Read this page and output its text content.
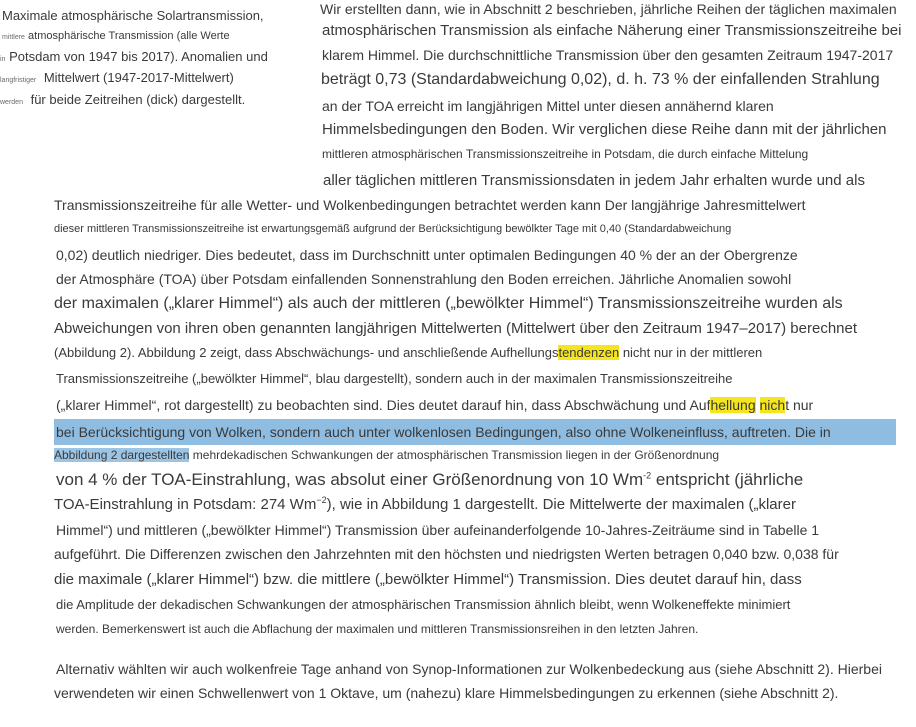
Maximale atmosphärische Solartransmission,
mittlere atmosphärische Transmission (alle Werte
in Potsdam von 1947 bis 2017). Anomalien und
langfristiger Mittelwert (1947-2017-Mittelwert)
werden für beide Zeitreihen (dick) dargestellt.
Wir erstellten dann, wie in Abschnitt 2 beschrieben, jährliche Reihen der täglichen maximalen
atmosphärischen Transmission als einfache Näherung einer Transmissionszeitreihe bei
klarem Himmel. Die durchschnittliche Transmission über den gesamten Zeitraum 1947-2017
beträgt 0,73 (Standardabweichung 0,02), d. h. 73 % der einfallenden Strahlung
an der TOA erreicht im langjährigen Mittel unter diesen annähernd klaren
Himmelsbedingungen den Boden. Wir verglichen diese Reihe dann mit der jährlichen
mittleren atmosphärischen Transmissionszeitreihe in Potsdam, die durch einfache Mittelung
aller täglichen mittleren Transmissionsdaten in jedem Jahr erhalten wurde und als
Transmissionszeitreihe für alle Wetter- und Wolkenbedingungen betrachtet werden kann Der langjährige Jahresmittelwert
dieser mittleren Transmissionszeitreihe ist erwartungsgemäß aufgrund der Berücksichtigung bewölkter Tage mit 0,40 (Standardabweichung
0,02) deutlich niedriger. Dies bedeutet, dass im Durchschnitt unter optimalen Bedingungen 40 % der an der Obergrenze
der Atmosphäre (TOA) über Potsdam einfallenden Sonnenstrahlung den Boden erreichen. Jährliche Anomalien sowohl
der maximalen („klarer Himmel“) als auch der mittleren („bewölkter Himmel“) Transmissionszeitreihe wurden als
Abweichungen von ihren oben genannten langjährigen Mittelwerten (Mittelwert über den Zeitraum 1947–2017) berechnet
(Abbildung 2). Abbildung 2 zeigt, dass Abschwächungs- und anschließende Aufhellungstendenzen nicht nur in der mittleren
Transmissionszeitreihe („bewölkter Himmel“, blau dargestellt), sondern auch in der maximalen Transmissionszeitreihe
(„klarer Himmel“, rot dargestellt) zu beobachten sind. Dies deutet darauf hin, dass Abschwächung und Aufhellung nicht nur
bei Berücksichtigung von Wolken, sondern auch unter wolkenlosen Bedingungen, also ohne Wolkeneinfluss, auftreten. Die in
Abbildung 2 dargestellten mehrdekadischen Schwankungen der atmosphärischen Transmission liegen in der Größenordnung
von 4 % der TOA-Einstrahlung, was absolut einer Größenordnung von 10 $Wm^{-2}$ entspricht (jährliche
TOA-Einstrahlung in Potsdam: 274 $Wm^{-2}$), wie in Abbildung 1 dargestellt. Die Mittelwerte der maximalen („klarer
Himmel“) und mittleren („bewölkter Himmel“) Transmission über aufeinanderfolgende 10-Jahres-Zeiträume sind in Tabelle 1
aufgeführt. Die Differenzen zwischen den Jahrzehnten mit den höchsten und niedrigsten Werten betragen 0,040 bzw. 0,038 für
die maximale („klarer Himmel“) bzw. die mittlere („bewölkter Himmel“) Transmission. Dies deutet darauf hin, dass
die Amplitude der dekadischen Schwankungen der atmosphärischen Transmission ähnlich bleibt, wenn Wolkeneffekte minimiert
werden. Bemerkenswert ist auch die Abflachung der maximalen und mittleren Transmissionsreihen in den letzten Jahren.
Alternativ wählten wir auch wolkenfreie Tage anhand von Synop-Informationen zur Wolkenbedeckung aus (siehe Abschnitt 2). Hierbei
verwendeten wir einen Schwellenwert von 1 Oktave, um (nahezu) klare Himmelsbedingungen zu erkennen (siehe Abschnitt 2).
